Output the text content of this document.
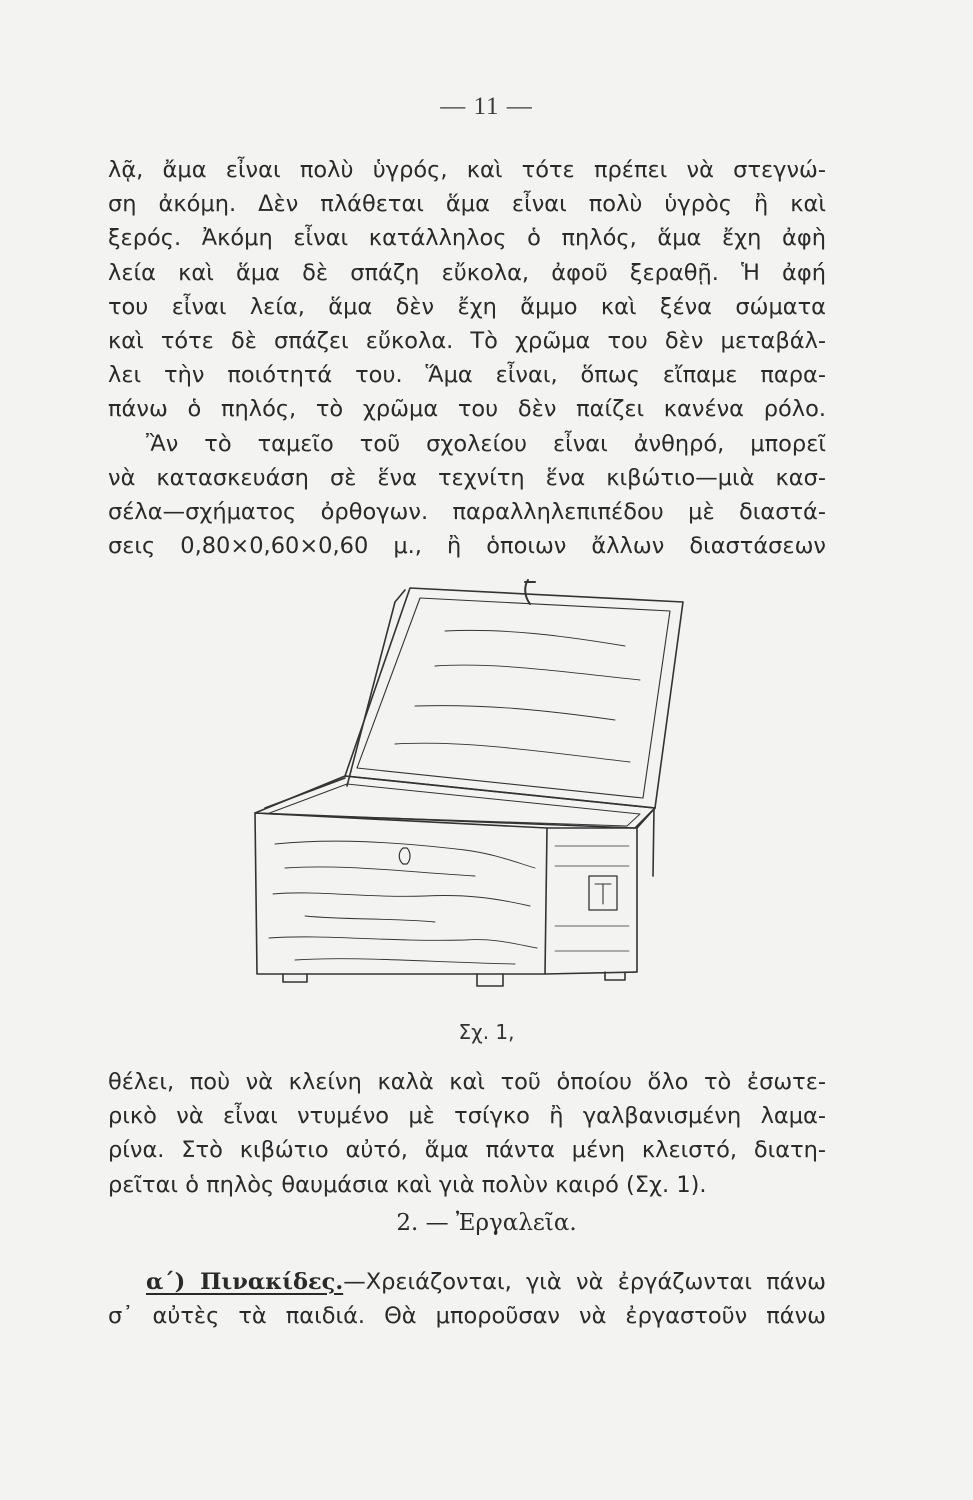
— 11 —
λᾷ, ἄμα εἶναι πολὺ ὑγρός, καὶ τότε πρέπει νὰ στεγνώ-
ση ἀκόμη. Δὲν πλάθεται ἅμα εἶναι πολὺ ὑγρὸς ἢ καὶ
ξερός. Ἀκόμη εἶναι κατάλληλος ὁ πηλός, ἅμα ἔχη ἀφὴ
λεία καὶ ἅμα δὲ σπάζη εὔκολα, ἀφοῦ ξεραθῇ. Ἡ ἀφή
του εἶναι λεία, ἅμα δὲν ἔχη ἄμμο καὶ ξένα σώματα
καὶ τότε δὲ σπάζει εὔκολα. Τὸ χρῶμα του δὲν μεταβάλ-
λει τὴν ποιότητά του. Ἅμα εἶναι, ὅπως εἴπαμε παρα-
πάνω ὁ πηλός, τὸ χρῶμα του δὲν παίζει κανένα ρόλο.
Ἂν τὸ ταμεῖο τοῦ σχολείου εἶναι ἀνθηρό, μπορεῖ
νὰ κατασκευάση σὲ ἕνα τεχνίτη ἕνα κιβώτιο—μιὰ κασ-
σέλα—σχήματος ὀρθογων. παραλληλεπιπέδου μὲ διαστά-
σεις 0,80×0,60×0,60 μ., ἢ ὁποιων ἄλλων διαστάσεων
Σχ. 1,
θέλει, ποὺ νὰ κλείνη καλὰ καὶ τοῦ ὁποίου ὅλο τὸ ἐσωτε-
ρικὸ νὰ εἶναι ντυμένο μὲ τσίγκο ἢ γαλβανισμένη λαμα-
ρίνα. Στὸ κιβώτιο αὐτό, ἅμα πάντα μένη κλειστό, διατη-
ρεῖται ὁ πηλὸς θαυμάσια καὶ γιὰ πολὺν καιρό (Σχ. 1).
2. — Ἐργαλεῖα.
α΄) Πινακίδες.—Χρειάζονται, γιὰ νὰ ἐργάζωνται πάνω
σ᾽ αὐτὲς τὰ παιδιά. Θὰ μποροῦσαν νὰ ἐργαστοῦν πάνω
